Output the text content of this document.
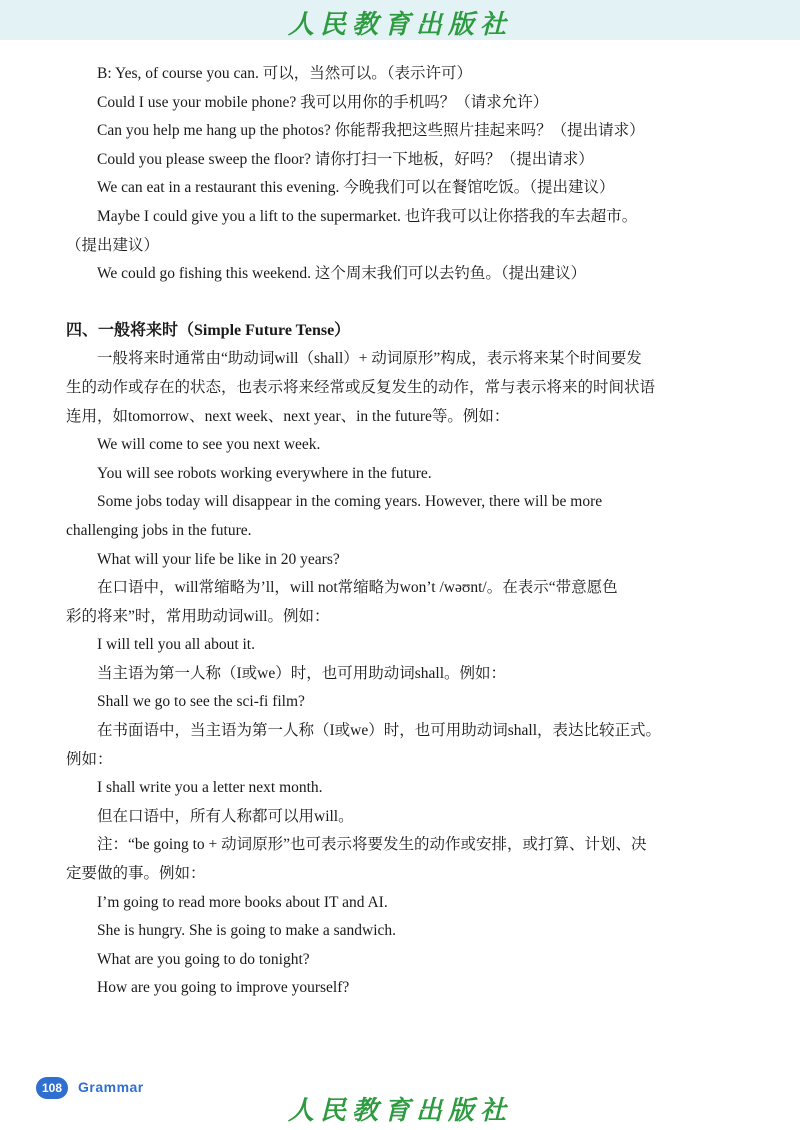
人民教育出版社
B: Yes, of course you can. 可以，当然可以。（表示许可）
Could I use your mobile phone? 我可以用你的手机吗？（请求允许）
Can you help me hang up the photos? 你能帮我把这些照片挂起来吗？（提出请求）
Could you please sweep the floor? 请你打扫一下地板，好吗？（提出请求）
We can eat in a restaurant this evening. 今晚我们可以在餐馆吃饭。（提出建议）
Maybe I could give you a lift to the supermarket. 也许我可以让你搭我的车去超市。
（提出建议）
We could go fishing this weekend. 这个周末我们可以去钓鱼。（提出建议）
四、一般将来时（Simple Future Tense）
一般将来时通常由“助动词will（shall）+ 动词原形”构成，表示将来某个时间要发
生的动作或存在的状态，也表示将来经常或反复发生的动作，常与表示将来的时间状语
连用，如tomorrow、next week、next year、in the future等。例如：
We will come to see you next week.
You will see robots working everywhere in the future.
Some jobs today will disappear in the coming years. However, there will be more
challenging jobs in the future.
What will your life be like in 20 years?
在口语中，will常缩略为’ll，will not常缩略为won’t /wəʊnt/。在表示“带意愿色
彩的将来”时，常用助动词will。例如：
I will tell you all about it.
当主语为第一人称（I或we）时，也可用助动词shall。例如：
Shall we go to see the sci-fi film?
在书面语中，当主语为第一人称（I或we）时，也可用助动词shall，表达比较正式。
例如：
I shall write you a letter next month.
但在口语中，所有人称都可以用will。
注：“be going to + 动词原形”也可表示将要发生的动作或安排，或打算、计划、决
定要做的事。例如：
I’m going to read more books about IT and AI.
She is hungry. She is going to make a sandwich.
What are you going to do tonight?
How are you going to improve yourself?
108	Grammar
人民教育出版社
